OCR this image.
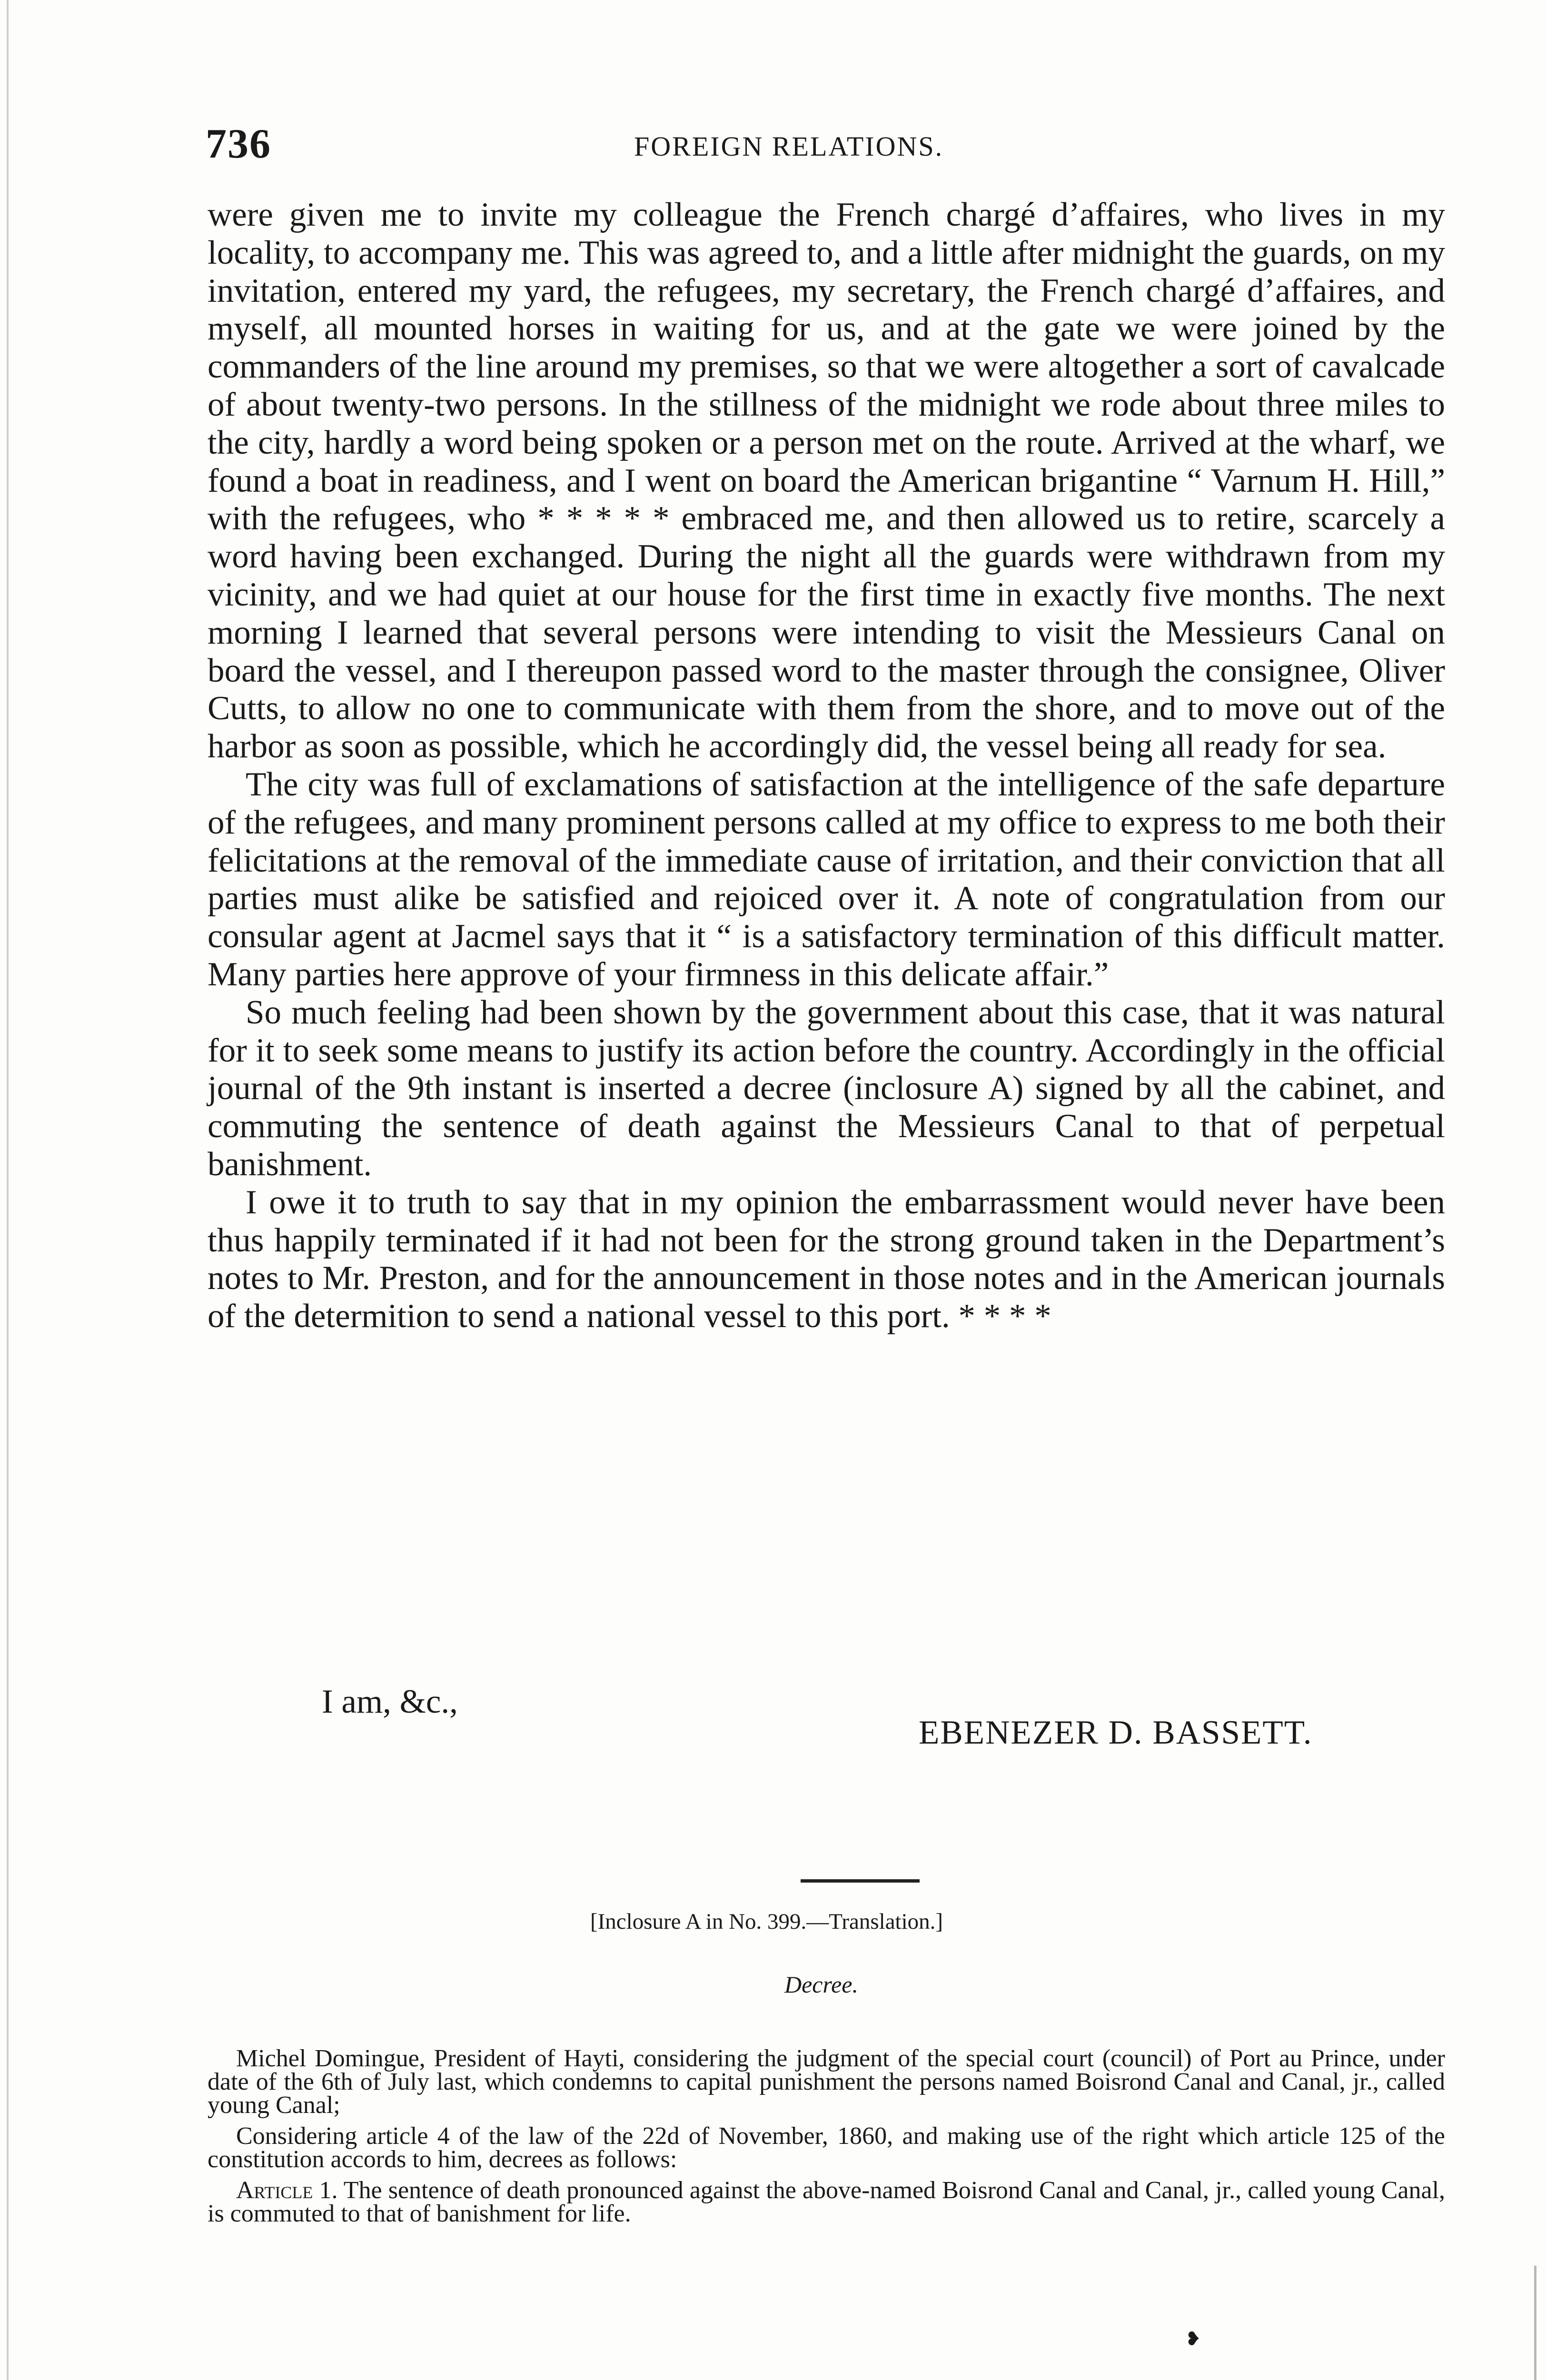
736	FOREIGN RELATIONS.

were given me to invite my colleague the French chargé d’affaires, who lives in my locality, to accompany me. This was agreed to, and a little after midnight the guards, on my invitation, entered my yard, the refugees, my secretary, the French chargé d’affaires, and myself, all mounted horses in waiting for us, and at the gate we were joined by the commanders of the line around my premises, so that we were altogether a sort of cavalcade of about twenty-two persons. In the stillness of the midnight we rode about three miles to the city, hardly a word being spoken or a person met on the route. Arrived at the wharf, we found a boat in readiness, and I went on board the American brigantine “ Varnum H. Hill,” with the refugees, who * * * * * embraced me, and then allowed us to retire, scarcely a word having been exchanged. During the night all the guards were withdrawn from my vicinity, and we had quiet at our house for the first time in exactly five months. The next morning I learned that several persons were intending to visit the Messieurs Canal on board the vessel, and I thereupon passed word to the master through the consignee, Oliver Cutts, to allow no one to communicate with them from the shore, and to move out of the harbor as soon as possible, which he accordingly did, the vessel being all ready for sea.

The city was full of exclamations of satisfaction at the intelligence of the safe departure of the refugees, and many prominent persons called at my office to express to me both their felicitations at the removal of the immediate cause of irritation, and their conviction that all parties must alike be satisfied and rejoiced over it. A note of congratulation from our consular agent at Jacmel says that it “ is a satisfactory termination of this difficult matter. Many parties here approve of your firmness in this delicate affair.”

So much feeling had been shown by the government about this case, that it was natural for it to seek some means to justify its action before the country. Accordingly in the official journal of the 9th instant is inserted a decree (inclosure A) signed by all the cabinet, and commuting the sentence of death against the Messieurs Canal to that of perpetual banishment.

I owe it to truth to say that in my opinion the embarrassment would never have been thus happily terminated if it had not been for the strong ground taken in the Department’s notes to Mr. Preston, and for the announcement in those notes and in the American journals of the determition to send a national vessel to this port. * * * *

I am, &c.,
EBENEZER D. BASSETT.
[Inclosure A in No. 399.—Translation.]
Decree.

Michel Domingue, President of Hayti, considering the judgment of the special court (council) of Port au Prince, under date of the 6th of July last, which condemns to capital punishment the persons named Boisrond Canal and Canal, jr., called young Canal;

Considering article 4 of the law of the 22d of November, 1860, and making use of the right which article 125 of the constitution accords to him, decrees as follows:

Article 1. The sentence of death pronounced against the above-named Boisrond Canal and Canal, jr., called young Canal, is commuted to that of banishment for life.

❥
